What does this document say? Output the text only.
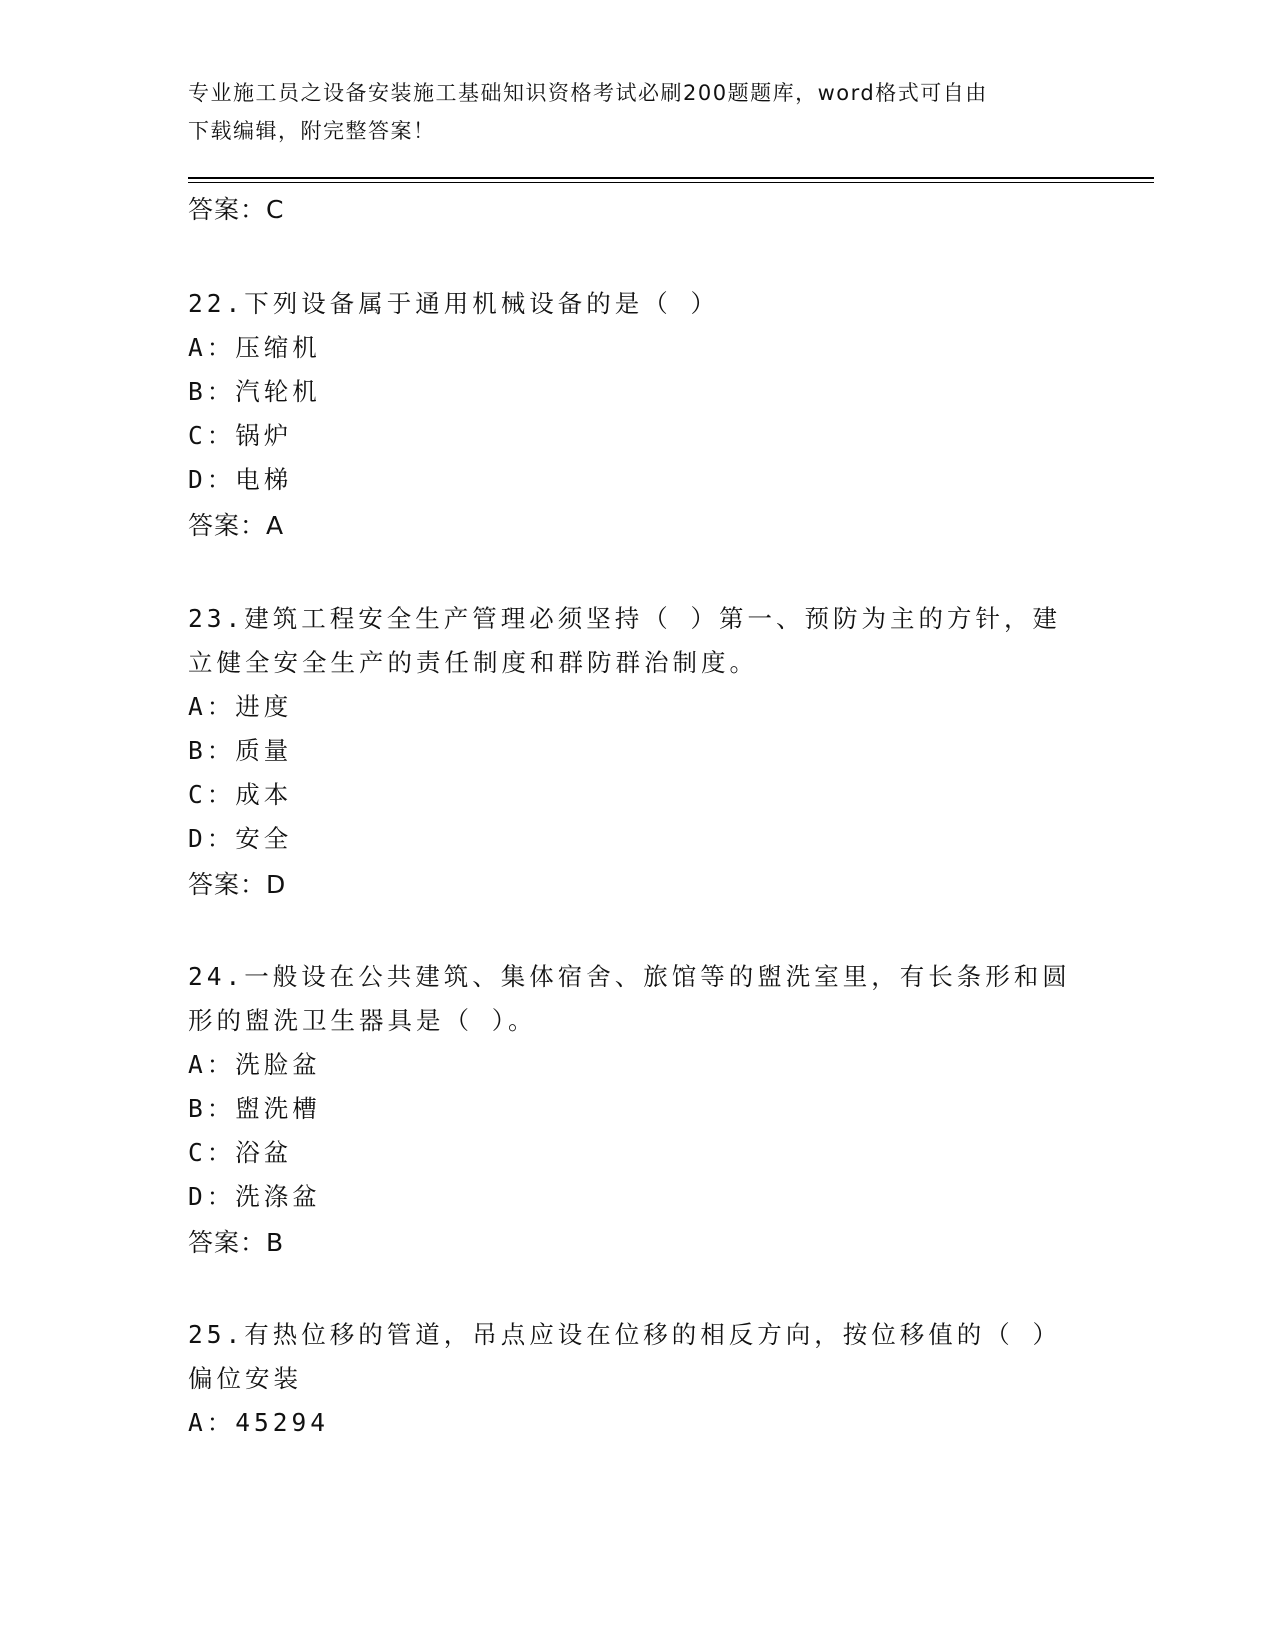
专业施工员之设备安装施工基础知识资格考试必刷200题题库，word格式可自由
下载编辑，附完整答案！
答案：C
22.下列设备属于通用机械设备的是（ ）
A：压缩机
B：汽轮机
C：锅炉
D：电梯
答案：A
23.建筑工程安全生产管理必须坚持（ ）第一、预防为主的方针，建
立健全安全生产的责任制度和群防群治制度。
A：进度
B：质量
C：成本
D：安全
答案：D
24.一般设在公共建筑、集体宿舍、旅馆等的盥洗室里，有长条形和圆
形的盥洗卫生器具是（ ）。
A：洗脸盆
B：盥洗槽
C：浴盆
D：洗涤盆
答案：B
25.有热位移的管道，吊点应设在位移的相反方向，按位移值的（ ）
偏位安装
A：45294
